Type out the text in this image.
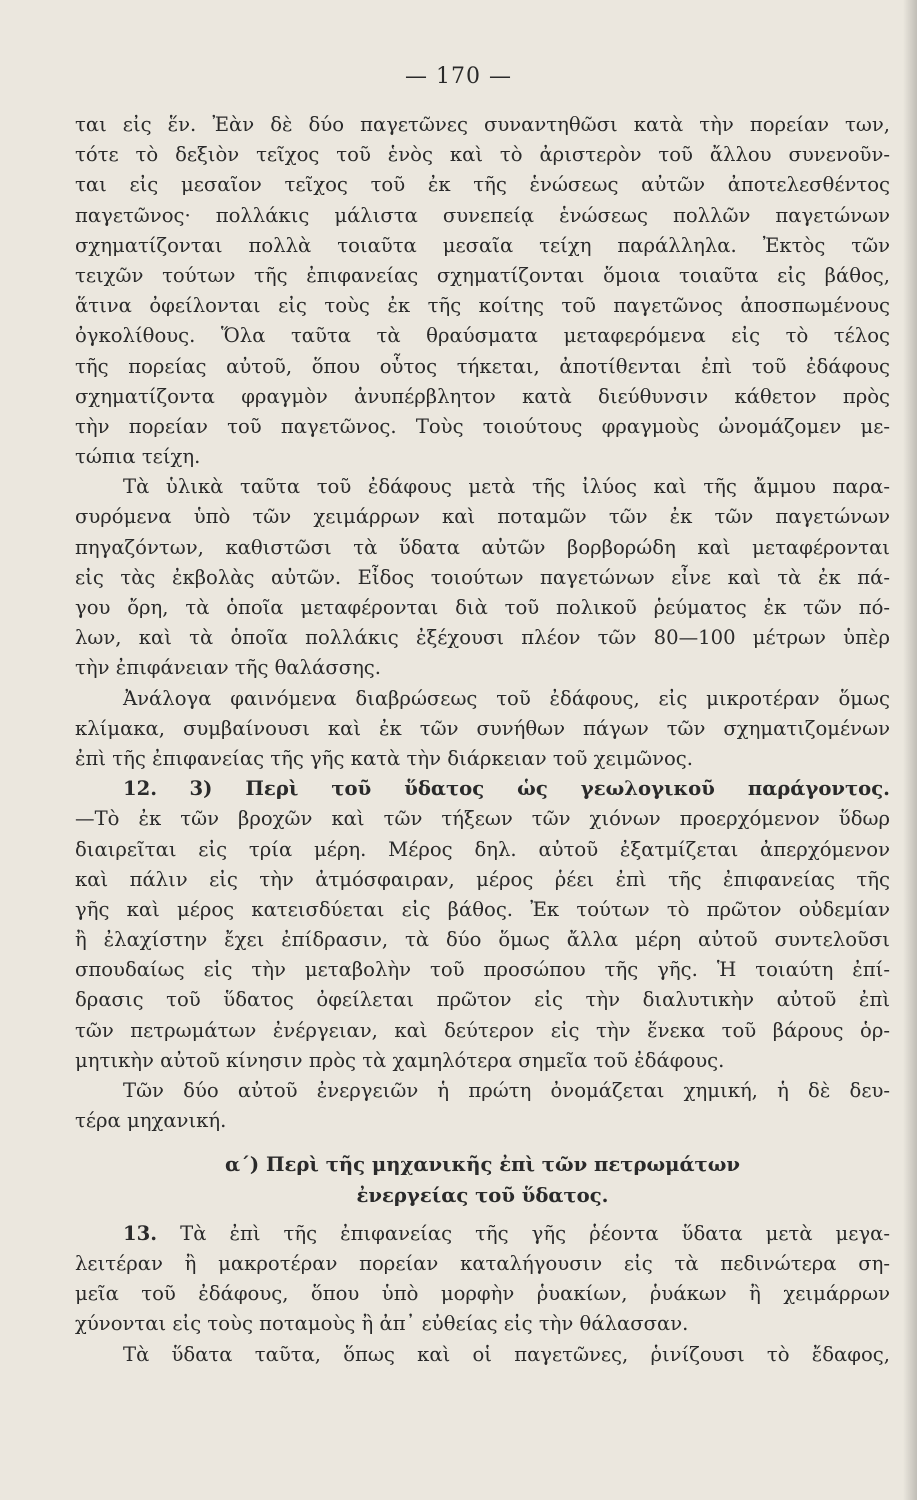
— 170 —
ται εἰς ἕν. Ἐὰν δὲ δύο παγετῶνες συναντηθῶσι κατὰ τὴν πορείαν των,
τότε τὸ δεξιὸν τεῖχος τοῦ ἑνὸς καὶ τὸ ἀριστερὸν τοῦ ἄλλου συνενοῦν-
ται εἰς μεσαῖον τεῖχος τοῦ ἐκ τῆς ἑνώσεως αὐτῶν ἀποτελεσθέντος
παγετῶνος· πολλάκις μάλιστα συνεπείᾳ ἑνώσεως πολλῶν παγετώνων
σχηματίζονται πολλὰ τοιαῦτα μεσαῖα τείχη παράλληλα. Ἐκτὸς τῶν
τειχῶν τούτων τῆς ἐπιφανείας σχηματίζονται ὅμοια τοιαῦτα εἰς βάθος,
ἅτινα ὀφείλονται εἰς τοὺς ἐκ τῆς κοίτης τοῦ παγετῶνος ἀποσπωμένους
ὀγκολίθους. Ὅλα ταῦτα τὰ θραύσματα μεταφερόμενα εἰς τὸ τέλος
τῆς πορείας αὐτοῦ, ὅπου οὗτος τήκεται, ἀποτίθενται ἐπὶ τοῦ ἐδάφους
σχηματίζοντα φραγμὸν ἀνυπέρβλητον κατὰ διεύθυνσιν κάθετον πρὸς
τὴν πορείαν τοῦ παγετῶνος. Τοὺς τοιούτους φραγμοὺς ὠνομάζομεν με-
τώπια τείχη.
Τὰ ὑλικὰ ταῦτα τοῦ ἐδάφους μετὰ τῆς ἰλύος καὶ τῆς ἄμμου παρα-
συρόμενα ὑπὸ τῶν χειμάρρων καὶ ποταμῶν τῶν ἐκ τῶν παγετώνων
πηγαζόντων, καθιστῶσι τὰ ὕδατα αὐτῶν βορβορώδη καὶ μεταφέρονται
εἰς τὰς ἐκβολὰς αὐτῶν. Εἶδος τοιούτων παγετώνων εἶνε καὶ τὰ ἐκ πά-
γου ὄρη, τὰ ὁποῖα μεταφέρονται διὰ τοῦ πολικοῦ ῥεύματος ἐκ τῶν πό-
λων, καὶ τὰ ὁποῖα πολλάκις ἐξέχουσι πλέον τῶν 80—100 μέτρων ὑπὲρ
τὴν ἐπιφάνειαν τῆς θαλάσσης.
Ἀνάλογα φαινόμενα διαβρώσεως τοῦ ἐδάφους, εἰς μικροτέραν ὅμως
κλίμακα, συμβαίνουσι καὶ ἐκ τῶν συνήθων πάγων τῶν σχηματιζομένων
ἐπὶ τῆς ἐπιφανείας τῆς γῆς κατὰ τὴν διάρκειαν τοῦ χειμῶνος.
12. 3) Περὶ τοῦ ὕδατος ὡς γεωλογικοῦ παράγοντος.
—Τὸ ἐκ τῶν βροχῶν καὶ τῶν τήξεων τῶν χιόνων προερχόμενον ὕδωρ
διαιρεῖται εἰς τρία μέρη. Μέρος δηλ. αὐτοῦ ἐξατμίζεται ἀπερχόμενον
καὶ πάλιν εἰς τὴν ἀτμόσφαιραν, μέρος ῥέει ἐπὶ τῆς ἐπιφανείας τῆς
γῆς καὶ μέρος κατεισδύεται εἰς βάθος. Ἐκ τούτων τὸ πρῶτον οὐδεμίαν
ἢ ἐλαχίστην ἔχει ἐπίδρασιν, τὰ δύο ὅμως ἄλλα μέρη αὐτοῦ συντελοῦσι
σπουδαίως εἰς τὴν μεταβολὴν τοῦ προσώπου τῆς γῆς. Ἡ τοιαύτη ἐπί-
δρασις τοῦ ὕδατος ὀφείλεται πρῶτον εἰς τὴν διαλυτικὴν αὐτοῦ ἐπὶ
τῶν πετρωμάτων ἐνέργειαν, καὶ δεύτερον εἰς τὴν ἕνεκα τοῦ βάρους ὁρ-
μητικὴν αὐτοῦ κίνησιν πρὸς τὰ χαμηλότερα σημεῖα τοῦ ἐδάφους.
Τῶν δύο αὐτοῦ ἐνεργειῶν ἡ πρώτη ὀνομάζεται χημική, ἡ δὲ δευ-
τέρα μηχανική.
α΄) Περὶ τῆς μηχανικῆς ἐπὶ τῶν πετρωμάτων
ἐνεργείας τοῦ ὕδατος.
13. Τὰ ἐπὶ τῆς ἐπιφανείας τῆς γῆς ῥέοντα ὕδατα μετὰ μεγα-
λειτέραν ἢ μακροτέραν πορείαν καταλήγουσιν εἰς τὰ πεδινώτερα ση-
μεῖα τοῦ ἐδάφους, ὅπου ὑπὸ μορφὴν ῥυακίων, ῥυάκων ἢ χειμάρρων
χύνονται εἰς τοὺς ποταμοὺς ἢ ἀπ᾽ εὐθείας εἰς τὴν θάλασσαν.
Τὰ ὕδατα ταῦτα, ὅπως καὶ οἱ παγετῶνες, ῥινίζουσι τὸ ἔδαφος,
